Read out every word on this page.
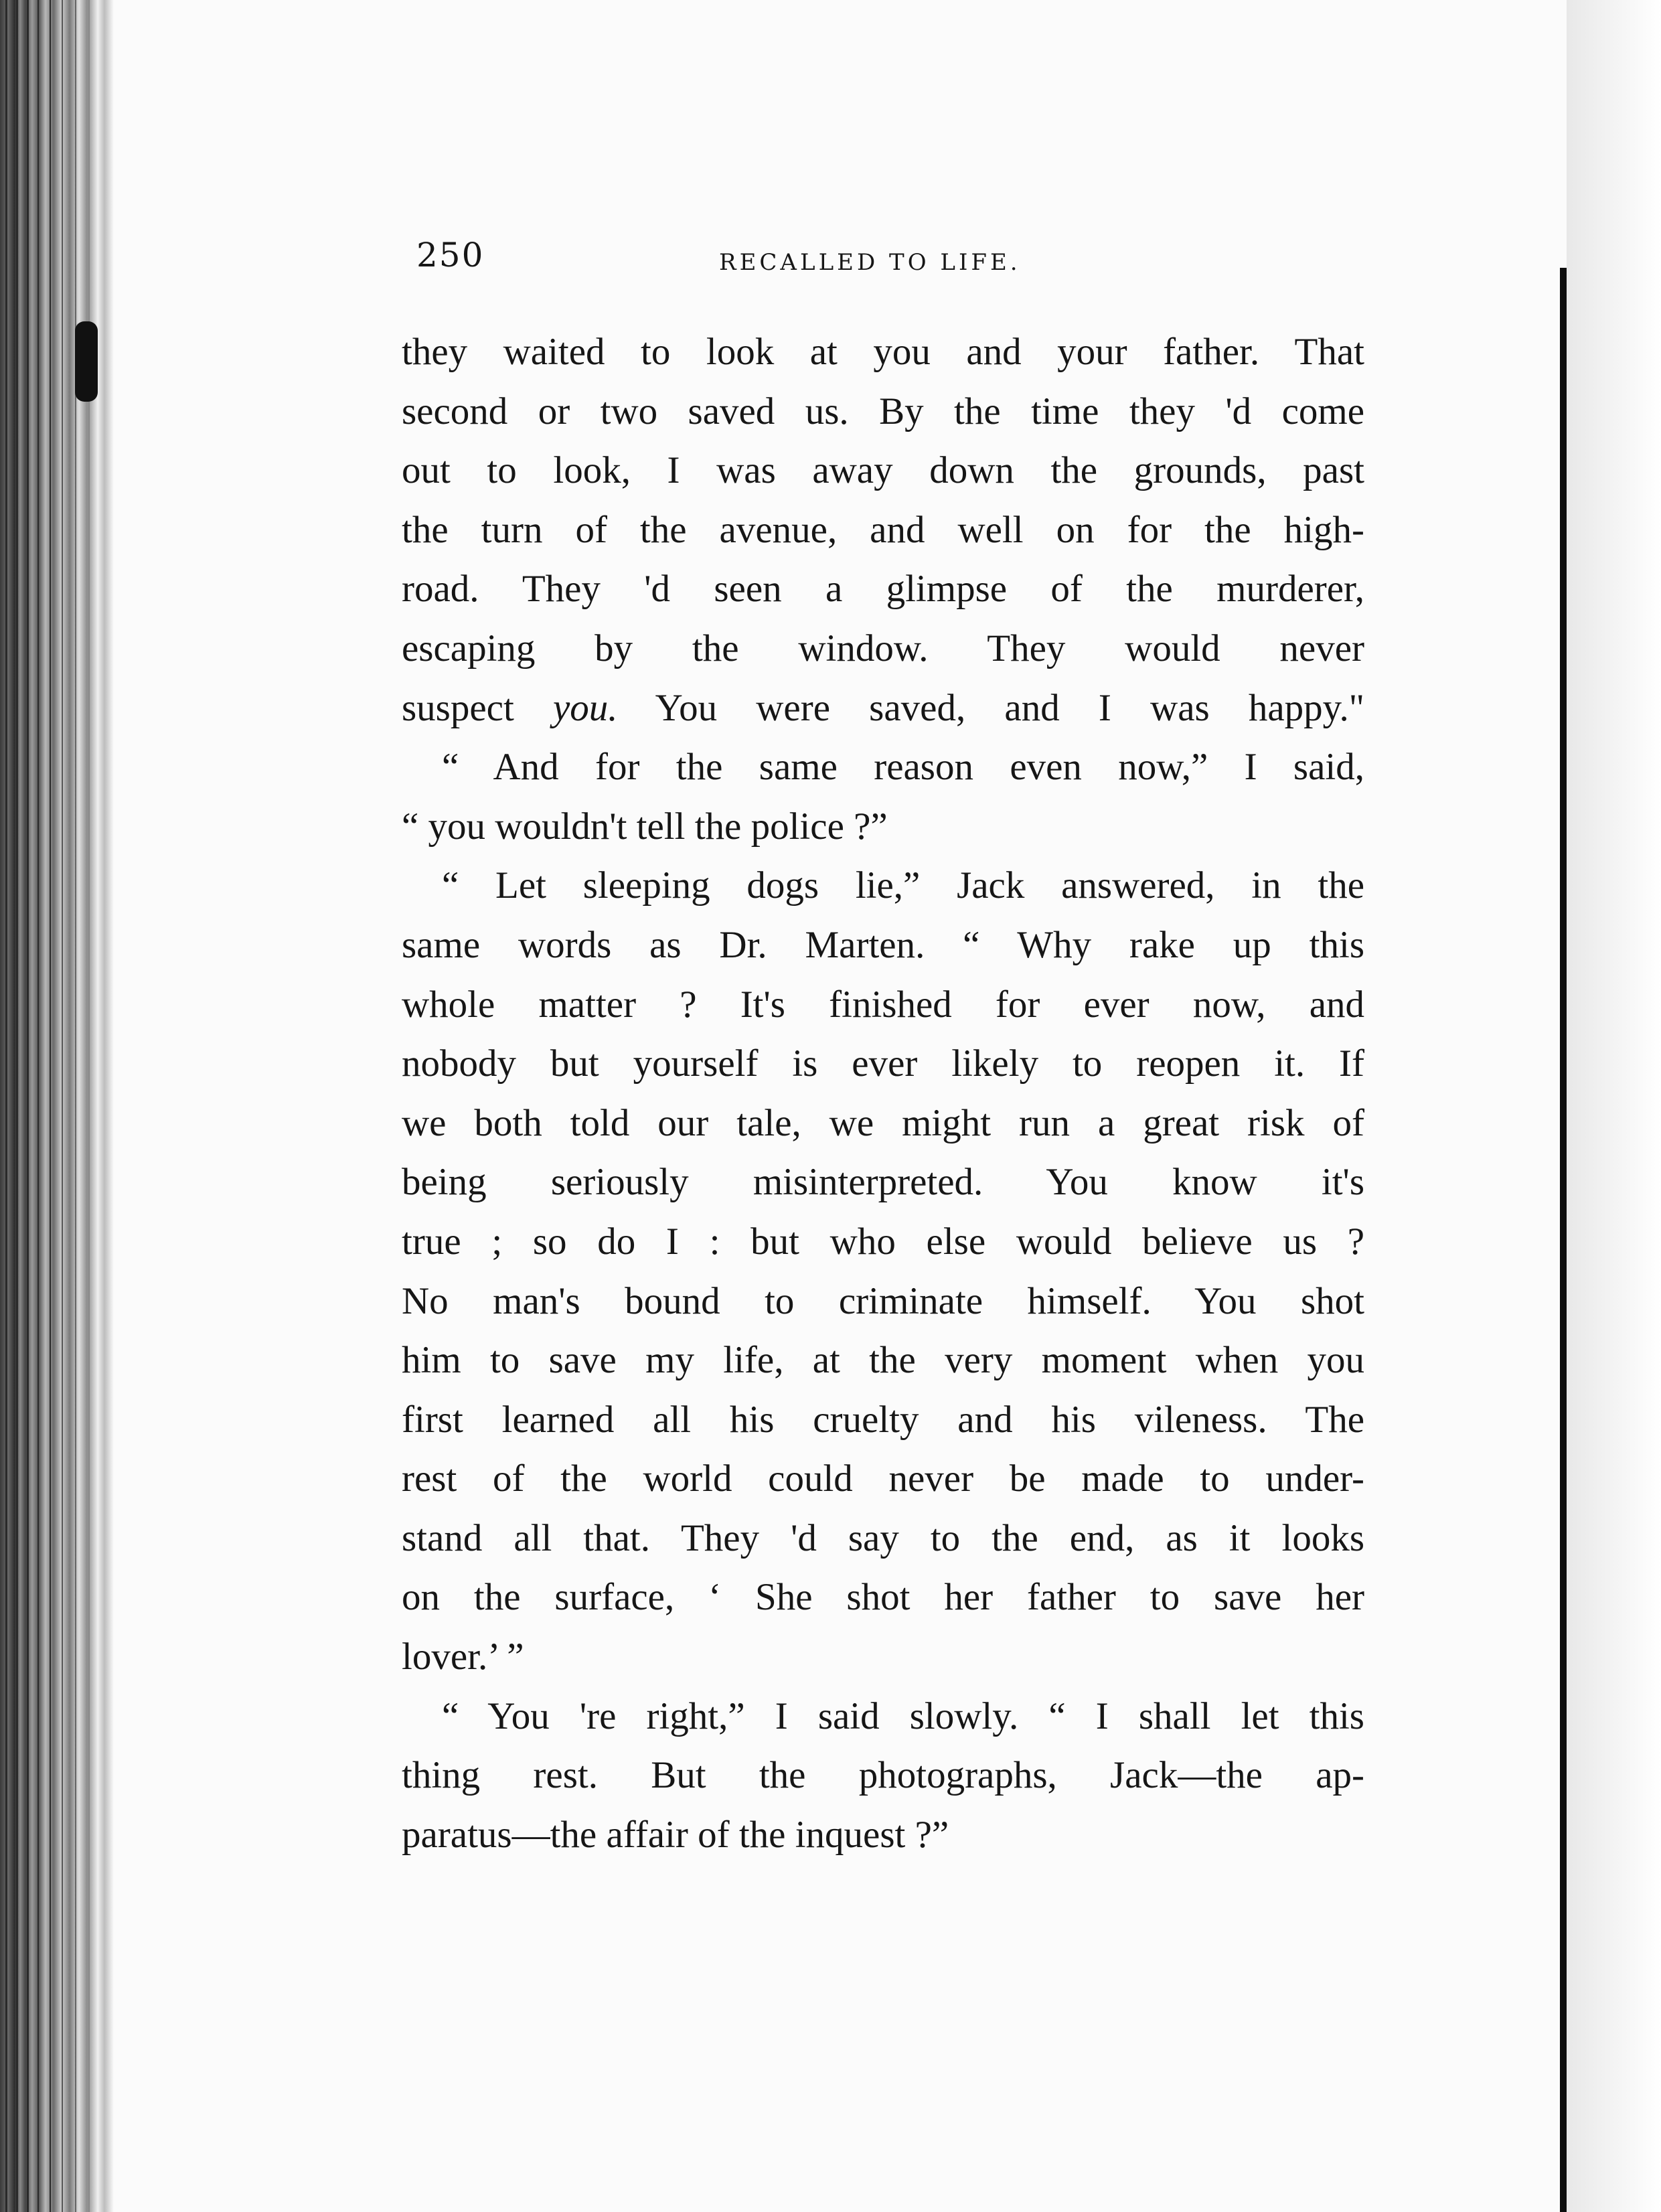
250	RECALLED TO LIFE.
they waited to look at you and your father. That
second or two saved us. By the time they 'd come
out to look, I was away down the grounds, past
the turn of the avenue, and well on for the high-
road. They 'd seen a glimpse of the murderer,
escaping by the window. They would never
suspect you. You were saved, and I was happy."
“ And for the same reason even now,” I said,
“ you wouldn't tell the police ?”
“ Let sleeping dogs lie,” Jack answered, in the
same words as Dr. Marten. “ Why rake up this
whole matter ? It's finished for ever now, and
nobody but yourself is ever likely to reopen it. If
we both told our tale, we might run a great risk of
being seriously misinterpreted. You know it's
true ; so do I : but who else would believe us ?
No man's bound to criminate himself. You shot
him to save my life, at the very moment when you
first learned all his cruelty and his vileness. The
rest of the world could never be made to under-
stand all that. They 'd say to the end, as it looks
on the surface, ‘ She shot her father to save her
lover.’ ”
“ You 're right,” I said slowly. “ I shall let this
thing rest. But the photographs, Jack—the ap-
paratus—the affair of the inquest ?”
